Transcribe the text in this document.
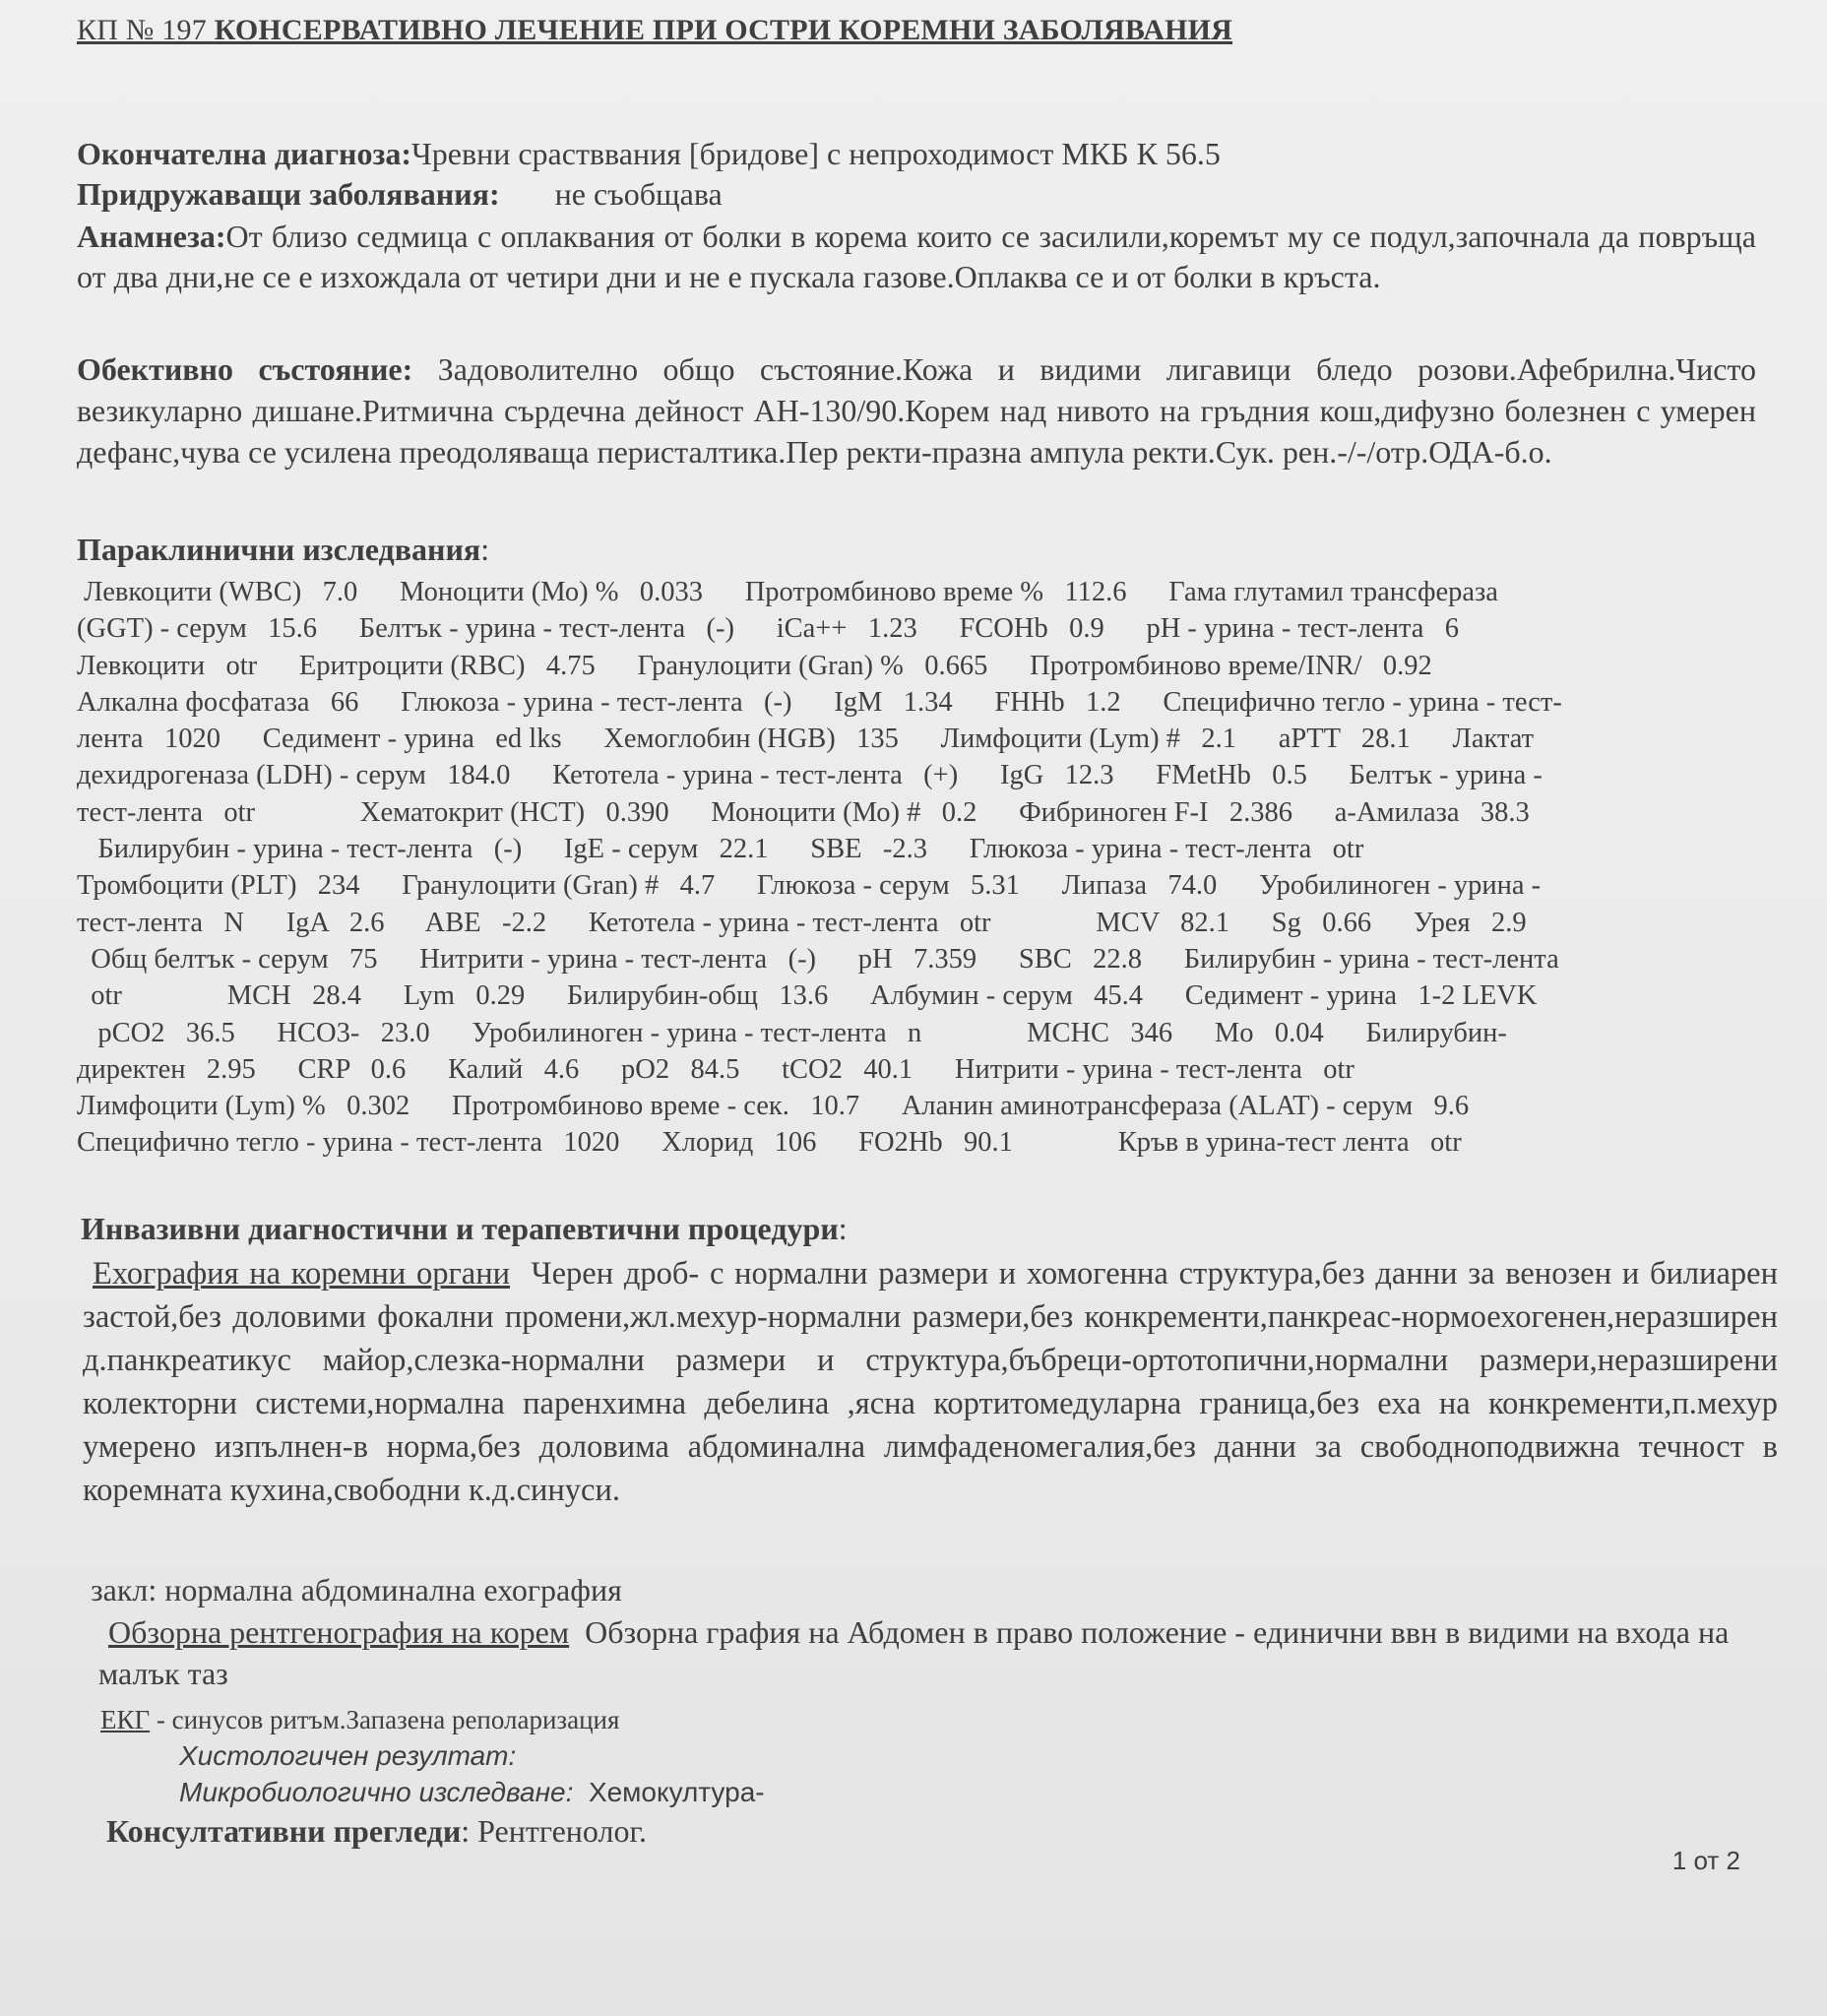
КП № 197 КОНСЕРВАТИВНО ЛЕЧЕНИЕ ПРИ ОСТРИ КОРЕМНИ ЗАБОЛЯВАНИЯ
Окончателна диагноза:Чревни срастввания [бридове] с непроходимост МКБ К 56.5
Придружаващи заболявания: не съобщава
Анамнеза:От близо седмица с оплаквания от болки в корема които се засилили,коремът му се подул,започнала да повръща от два дни,не се е изхождала от четири дни и не е пускала газове.Оплаква се и от болки в кръста.
Обективно състояние: Задоволително общо състояние.Кожа и видими лигавици бледо розови.Афебрилна.Чисто везикуларно дишане.Ритмична сърдечна дейност АН-130/90.Корем над нивото на гръдния кош,дифузно болезнен с умерен дефанс,чува се усилена преодоляваща перисталтика.Пер ректи-празна ампула ректи.Сук. рен.-/-/отр.ОДА-б.о.
Параклинични изследвания:
Левкоцити (WBC)   7.0      Моноцити (Мо) %   0.033      Протромбиново време %   112.6      Гама глутамил трансфераза
(GGT) - серум   15.6      Белтък - урина - тест-лента   (-)      iCa++   1.23      FCOHb   0.9      pH - урина - тест-лента   6
Левкоцити   otr      Еритроцити (RBC)   4.75      Гранулоцити (Gran) %   0.665      Протромбиново време/INR/   0.92
Алкална фосфатаза   66      Глюкоза - урина - тест-лента   (-)      IgM   1.34      FHHb   1.2      Специфично тегло - урина - тест-
лента   1020      Седимент - урина   ed lks      Хемоглобин (HGB)   135      Лимфоцити (Lym) #   2.1      aPTT   28.1      Лактат
дехидрогеназа (LDH) - серум   184.0      Кетотела - урина - тест-лента   (+)      IgG   12.3      FMetHb   0.5      Белтък - урина -
тест-лента   otr               Хематокрит (HCT)   0.390      Моноцити (Мо) #   0.2      Фибриноген F-I   2.386      а-Амилаза   38.3
Билирубин - урина - тест-лента   (-)      IgE - серум   22.1      SBE   -2.3      Глюкоза - урина - тест-лента   otr
Тромбоцити (PLT)   234      Гранулоцити (Gran) #   4.7      Глюкоза - серум   5.31      Липаза   74.0      Уробилиноген - урина -
тест-лента   N      IgA   2.6      ABE   -2.2      Кетотела - урина - тест-лента   otr               MCV   82.1      Sg   0.66      Урея   2.9
Общ белтък - серум   75      Нитрити - урина - тест-лента   (-)      pH   7.359      SBC   22.8      Билирубин - урина - тест-лента
otr               MCH   28.4      Lym   0.29      Билирубин-общ   13.6      Албумин - серум   45.4      Седимент - урина   1-2 LEVK
pCO2   36.5      HCO3-   23.0      Уробилиноген - урина - тест-лента   n               MCHC   346      Mo   0.04      Билирубин-
директен   2.95      CRP   0.6      Калий   4.6      pO2   84.5      tCO2   40.1      Нитрити - урина - тест-лента   otr
Лимфоцити (Lym) %   0.302      Протромбиново време - сек.   10.7      Аланин аминотрансфераза (ALAT) - серум   9.6
Специфично тегло - урина - тест-лента   1020      Хлорид   106      FO2Hb   90.1               Кръв в урина-тест лента   otr
Инвазивни диагностични и терапевтични процедури:
Ехография на коремни органи Черен дроб- с нормални размери и хомогенна структура,без данни за венозен и билиарен застой,без доловими фокални промени,жл.мехур-нормални размери,без конкременти,панкреас-нормоехогенен,неразширен д.панкреатикус майор,слезка-нормални размери и структура,бъбреци-ортотопични,нормални размери,неразширени колекторни системи,нормална паренхимна дебелина ,ясна кортитомедуларна граница,без еха на конкременти,п.мехур умерено изпълнен-в норма,без доловима абдоминална лимфаденомегалия,без данни за свободноподвижна течност в коремната кухина,свободни к.д.синуси.
закл: нормална абдоминална ехография
Обзорна рентгенография на корем Обзорна графия на Абдомен в право положение - единични ввн в видими на входа на малък таз
ЕКГ - синусов ритъм.Запазена реполаризация
Хистологичен резултат:
Микробиологично изследване: Хемокултура-
Консултативни прегледи: Рентгенолог.
1 от 2
